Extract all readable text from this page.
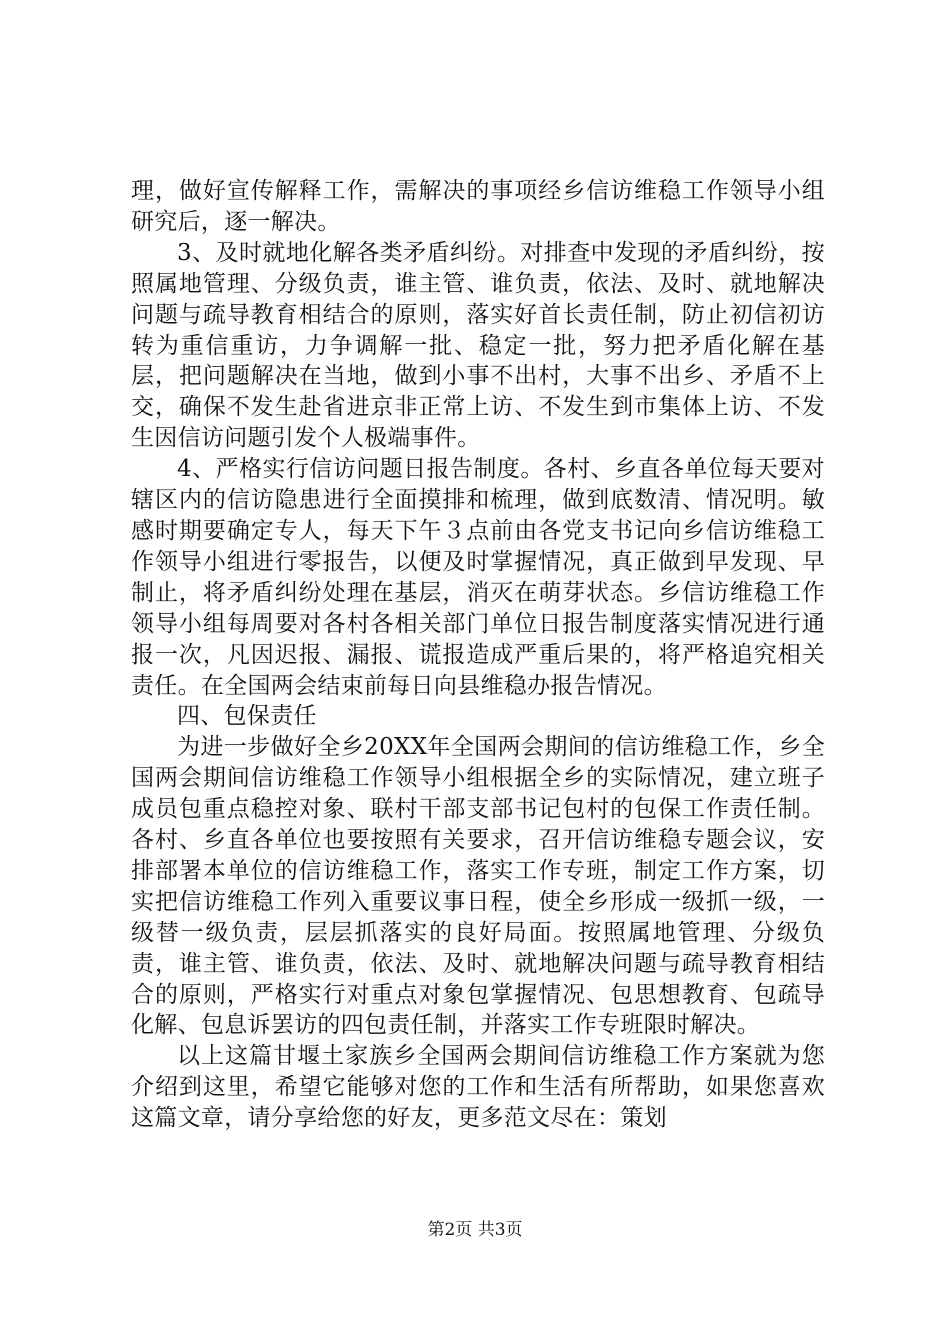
理，做好宣传解释工作，需解决的事项经乡信访维稳工作领导小组研究后，逐一解决。

3、及时就地化解各类矛盾纠纷。对排查中发现的矛盾纠纷，按照属地管理、分级负责，谁主管、谁负责，依法、及时、就地解决问题与疏导教育相结合的原则，落实好首长责任制，防止初信初访转为重信重访，力争调解一批、稳定一批，努力把矛盾化解在基层，把问题解决在当地，做到小事不出村，大事不出乡、矛盾不上交，确保不发生赴省进京非正常上访、不发生到市集体上访、不发生因信访问题引发个人极端事件。

4、严格实行信访问题日报告制度。各村、乡直各单位每天要对辖区内的信访隐患进行全面摸排和梳理，做到底数清、情况明。敏感时期要确定专人，每天下午３点前由各党支书记向乡信访维稳工作领导小组进行零报告，以便及时掌握情况，真正做到早发现、早制止，将矛盾纠纷处理在基层，消灭在萌芽状态。乡信访维稳工作领导小组每周要对各村各相关部门单位日报告制度落实情况进行通报一次，凡因迟报、漏报、谎报造成严重后果的，将严格追究相关责任。在全国两会结束前每日向县维稳办报告情况。

四、包保责任

为进一步做好全乡20XX年全国两会期间的信访维稳工作，乡全国两会期间信访维稳工作领导小组根据全乡的实际情况，建立班子成员包重点稳控对象、联村干部支部书记包村的包保工作责任制。各村、乡直各单位也要按照有关要求，召开信访维稳专题会议，安排部署本单位的信访维稳工作，落实工作专班，制定工作方案，切实把信访维稳工作列入重要议事日程，使全乡形成一级抓一级，一级替一级负责，层层抓落实的良好局面。按照属地管理、分级负责，谁主管、谁负责，依法、及时、就地解决问题与疏导教育相结合的原则，严格实行对重点对象包掌握情况、包思想教育、包疏导化解、包息诉罢访的四包责任制，并落实工作专班限时解决。

以上这篇甘堰土家族乡全国两会期间信访维稳工作方案就为您介绍到这里，希望它能够对您的工作和生活有所帮助，如果您喜欢这篇文章，请分享给您的好友，更多范文尽在：策划

第2页 共3页
